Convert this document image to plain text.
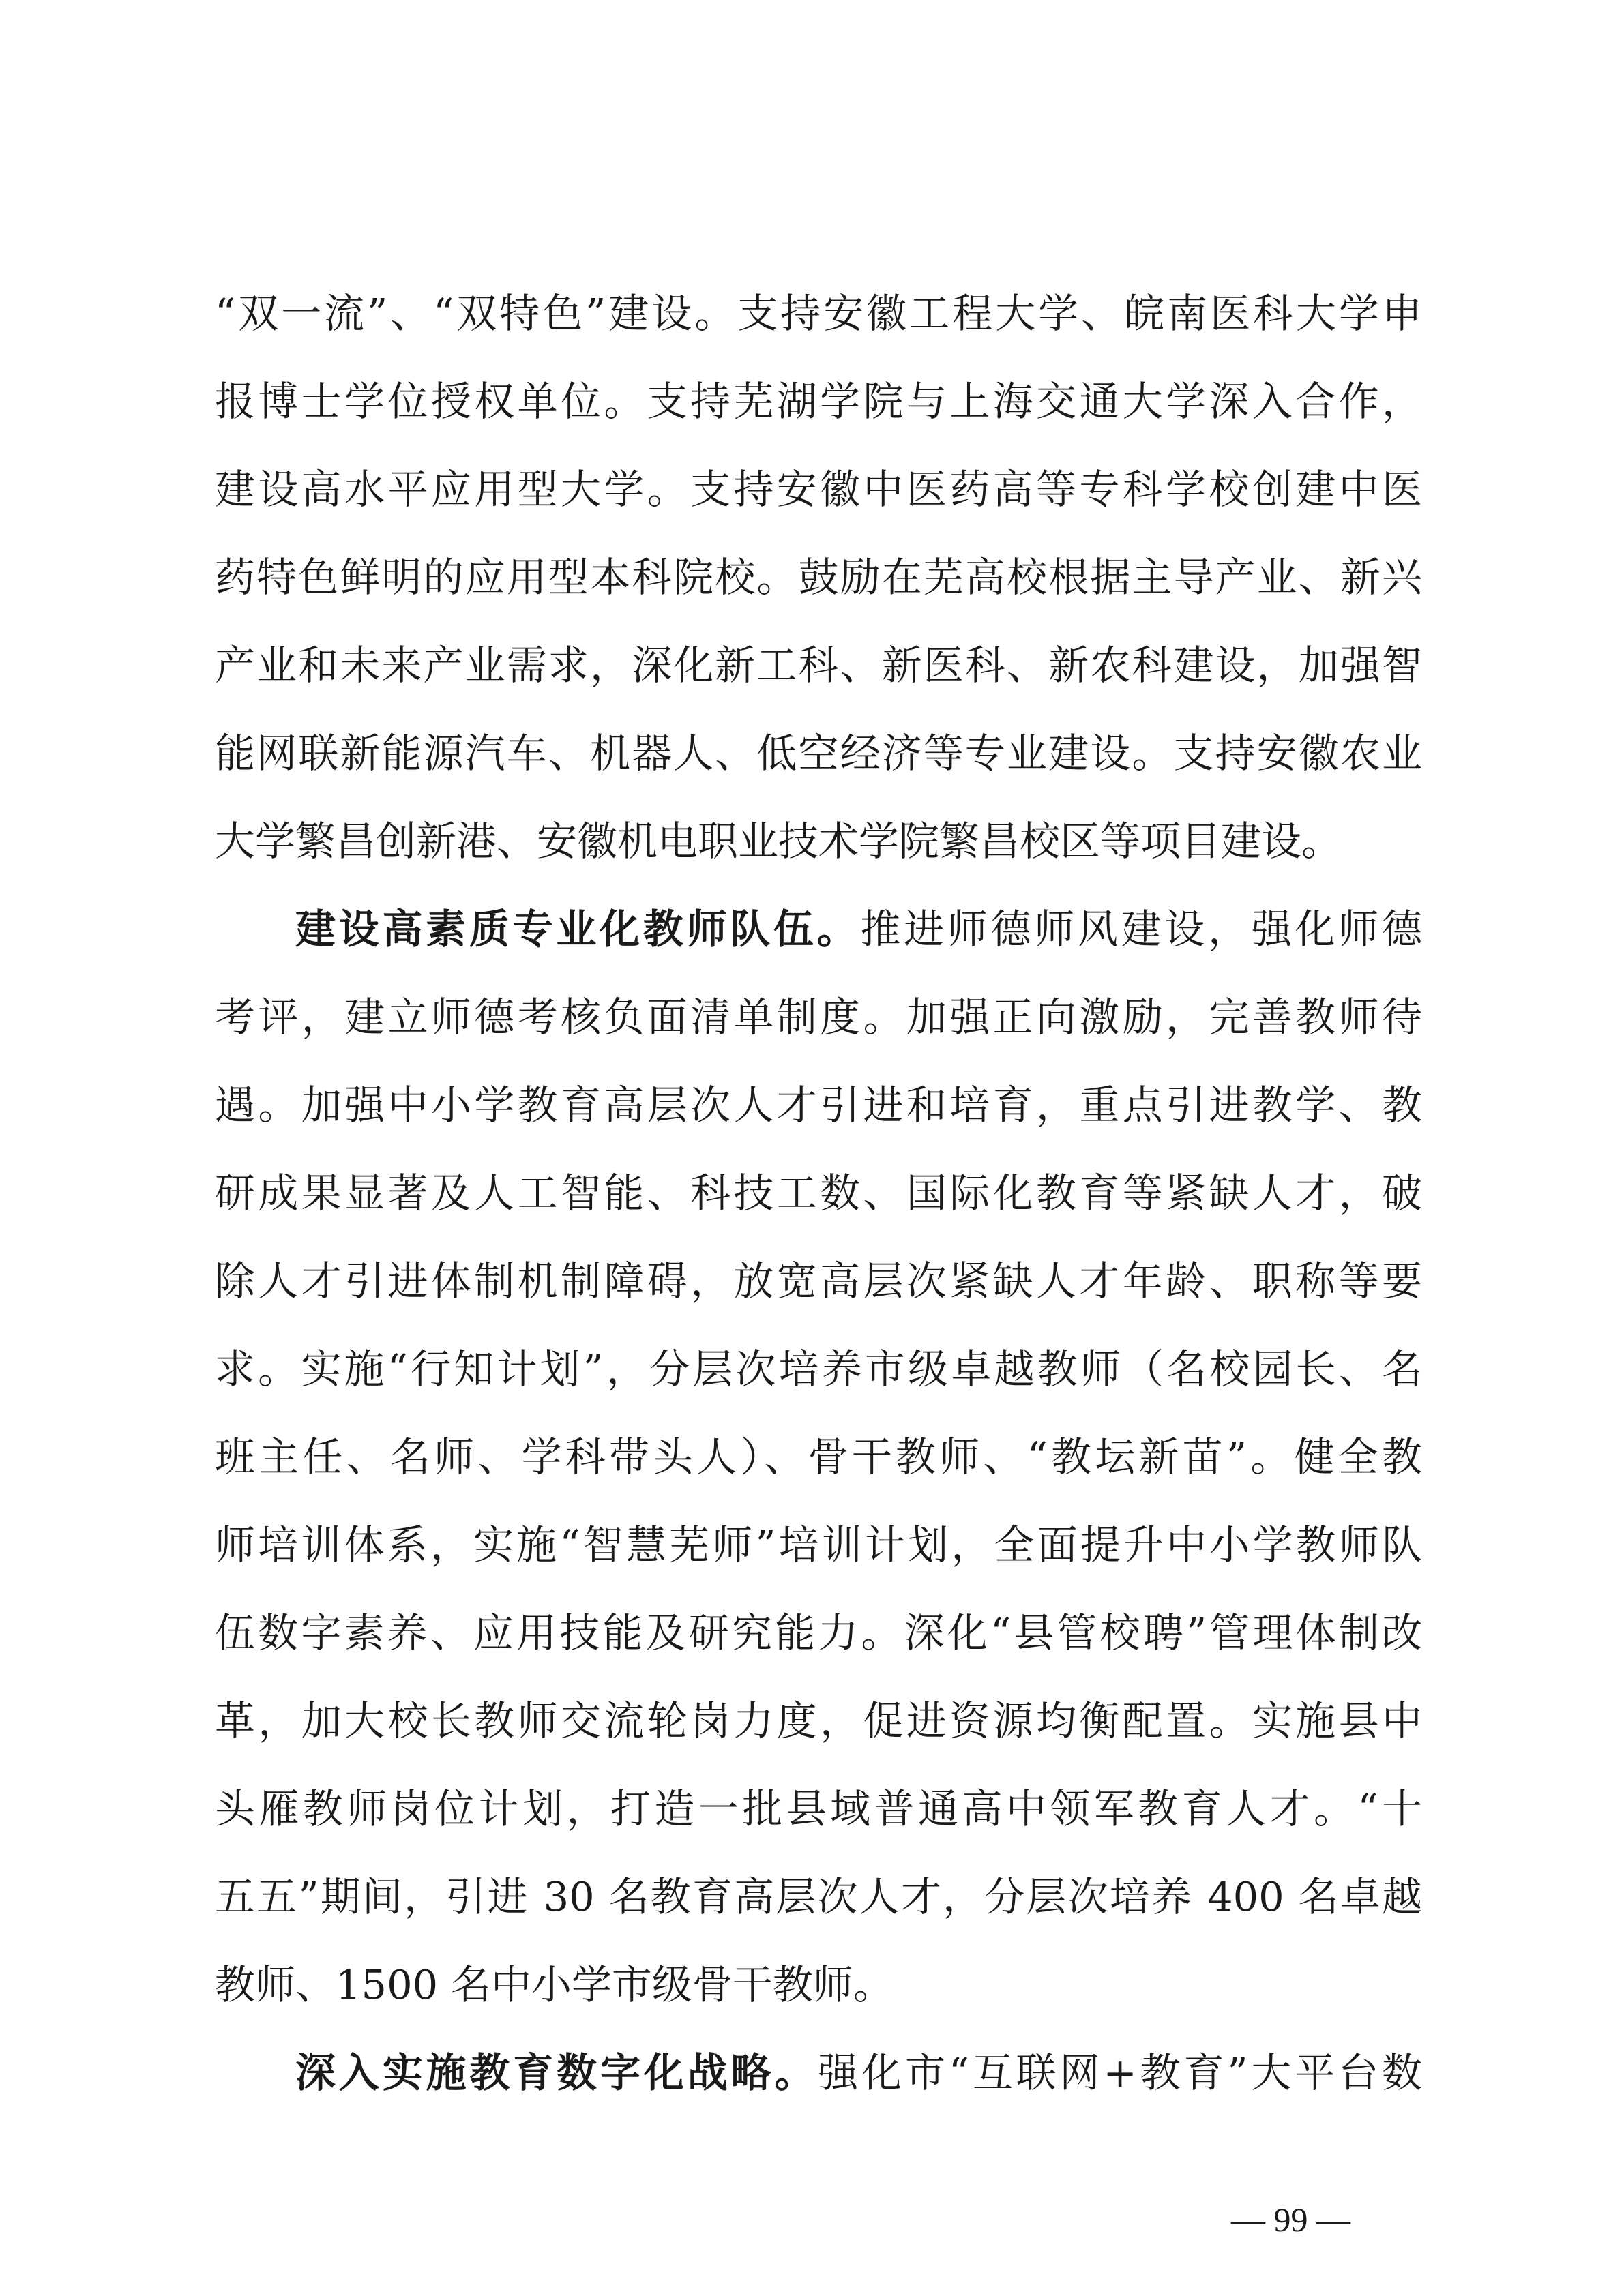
“双一流”、“双特色”建设。支持安徽工程大学、皖南医科大学申
报博士学位授权单位。支持芜湖学院与上海交通大学深入合作，
建设高水平应用型大学。支持安徽中医药高等专科学校创建中医
药特色鲜明的应用型本科院校。鼓励在芜高校根据主导产业、新兴
产业和未来产业需求，深化新工科、新医科、新农科建设，加强智
能网联新能源汽车、机器人、低空经济等专业建设。支持安徽农业
大学繁昌创新港、安徽机电职业技术学院繁昌校区等项目建设。
建设高素质专业化教师队伍。推进师德师风建设，强化师德
考评，建立师德考核负面清单制度。加强正向激励，完善教师待
遇。加强中小学教育高层次人才引进和培育，重点引进教学、教
研成果显著及人工智能、科技工数、国际化教育等紧缺人才，破
除人才引进体制机制障碍，放宽高层次紧缺人才年龄、职称等要
求。实施“行知计划”，分层次培养市级卓越教师（名校园长、名
班主任、名师、学科带头人）、骨干教师、“教坛新苗”。健全教
师培训体系，实施“智慧芜师”培训计划，全面提升中小学教师队
伍数字素养、应用技能及研究能力。深化“县管校聘”管理体制改
革，加大校长教师交流轮岗力度，促进资源均衡配置。实施县中
头雁教师岗位计划，打造一批县域普通高中领军教育人才。“十
五五”期间，引进 30 名教育高层次人才，分层次培养 400 名卓越
教师、1500 名中小学市级骨干教师。
深入实施教育数字化战略。强化市“互联网+教育”大平台数
— 99 —
